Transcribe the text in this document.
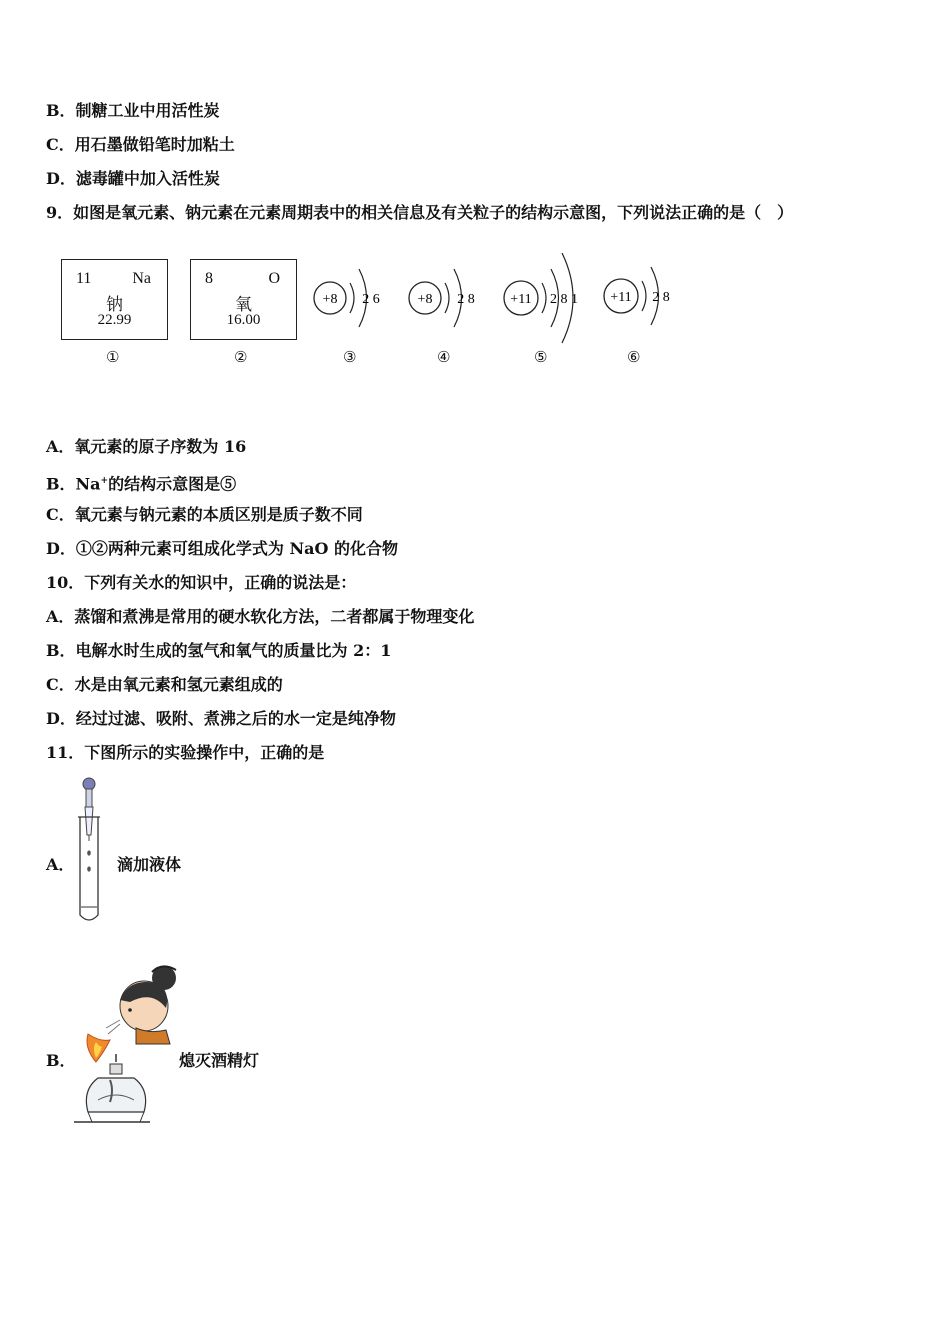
B．制糖工业中用活性炭
C．用石墨做铅笔时加粘土
D．滤毒罐中加入活性炭
9．如图是氧元素、钠元素在元素周期表中的相关信息及有关粒子的结构示意图，下列说法正确的是（　）
11	Na
钠
22.99
①
8	O
氧
16.00
②
+8 2 6
③
+8 2 8
④
+11 2 8 1
⑤
+11 2 8
⑥
A．氧元素的原子序数为 16
B．Na+的结构示意图是⑤
C．氧元素与钠元素的本质区别是质子数不同
D．①②两种元素可组成化学式为 NaO 的化合物
10．下列有关水的知识中，正确的说法是：
A．蒸馏和煮沸是常用的硬水软化方法，二者都属于物理变化
B．电解水时生成的氢气和氧气的质量比为 2：1
C．水是由氧元素和氢元素组成的
D．经过过滤、吸附、煮沸之后的水一定是纯净物
11．下图所示的实验操作中，正确的是
A．	滴加液体
B．	熄灭酒精灯
